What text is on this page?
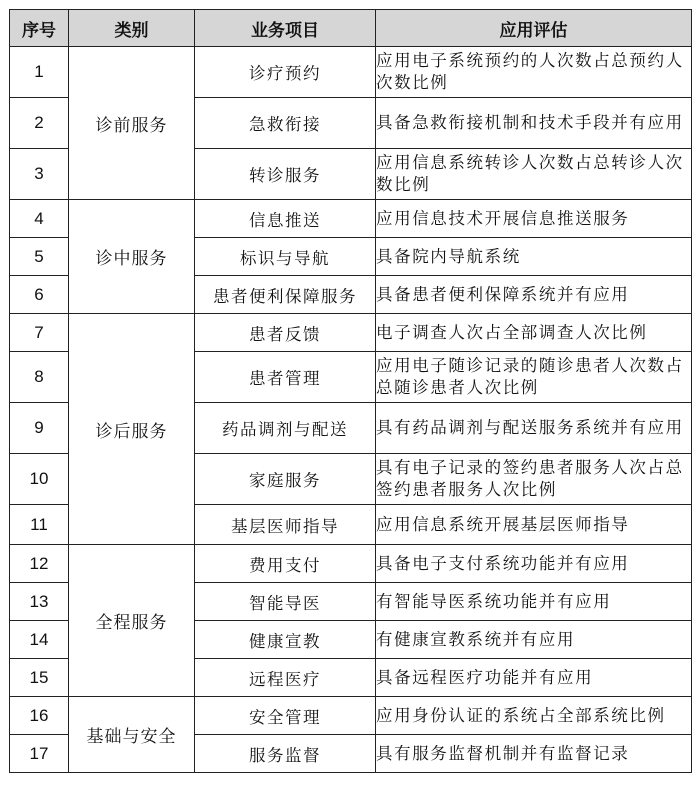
序号	类别	业务项目	应用评估
1	诊前服务	诊疗预约	应用电子系统预约的人次数占总预约人次数比例
2		急救衔接	具备急救衔接机制和技术手段并有应用
3		转诊服务	应用信息系统转诊人次数占总转诊人次数比例
4	诊中服务	信息推送	应用信息技术开展信息推送服务
5		标识与导航	具备院内导航系统
6		患者便利保障服务	具备患者便利保障系统并有应用
7	诊后服务	患者反馈	电子调查人次占全部调查人次比例
8		患者管理	应用电子随诊记录的随诊患者人次数占总随诊患者人次比例
9		药品调剂与配送	具有药品调剂与配送服务系统并有应用
10		家庭服务	具有电子记录的签约患者服务人次占总签约患者服务人次比例
11		基层医师指导	应用信息系统开展基层医师指导
12	全程服务	费用支付	具备电子支付系统功能并有应用
13		智能导医	有智能导医系统功能并有应用
14		健康宣教	有健康宣教系统并有应用
15		远程医疗	具备远程医疗功能并有应用
16	基础与安全	安全管理	应用身份认证的系统占全部系统比例
17		服务监督	具有服务监督机制并有监督记录
